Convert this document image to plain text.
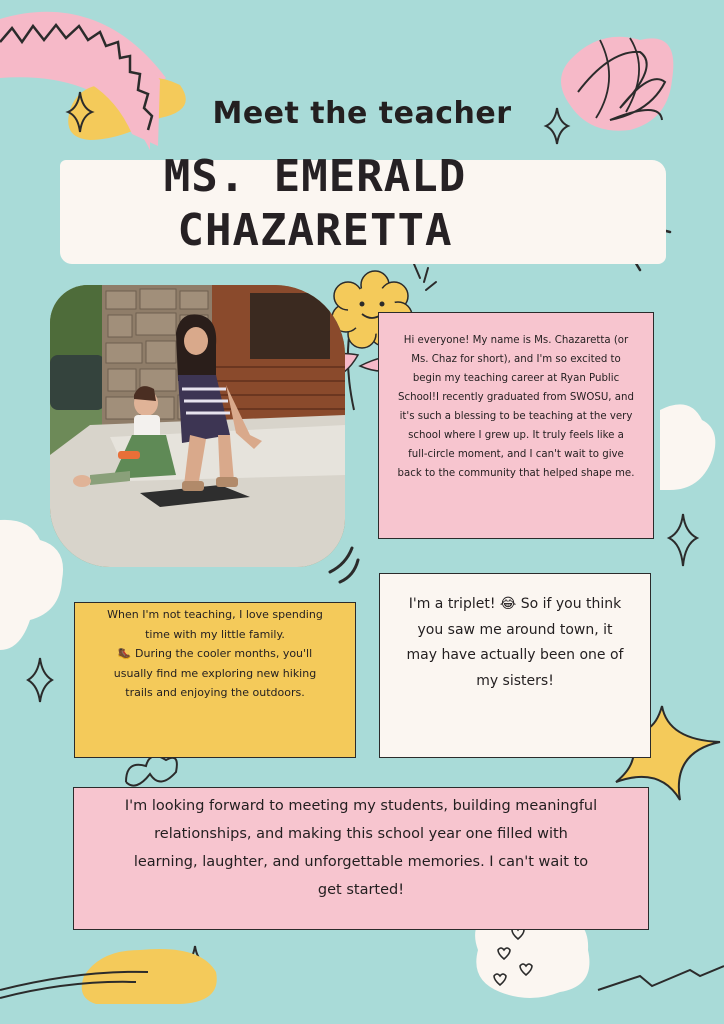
Meet the teacher
MS. EMERALD
CHAZARETTA

Hi everyone! My name is Ms. Chazaretta (or Ms. Chaz for short), and I'm so excited to begin my teaching career at Ryan Public School!I recently graduated from SWOSU, and it's such a blessing to be teaching at the very school where I grew up. It truly feels like a full-circle moment, and I can't wait to give back to the community that helped shape me.

When I'm not teaching, I love spending time with my little family.

🥾 During the cooler months, you'll usually find me exploring new hiking trails and enjoying the outdoors.

I'm a triplet! 😂 So if you think you saw me around town, it may have actually been one of my sisters!

I'm looking forward to meeting my students, building meaningful relationships, and making this school year one filled with learning, laughter, and unforgettable memories. I can't wait to get started!
